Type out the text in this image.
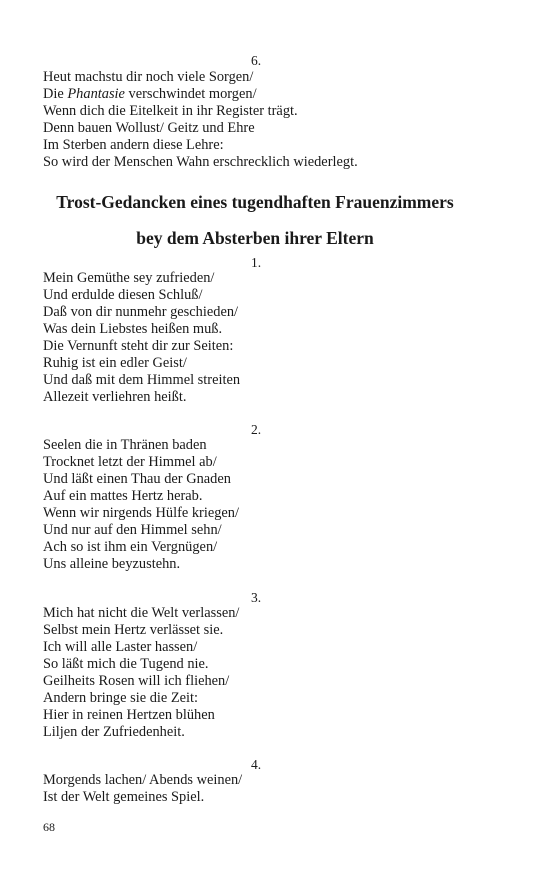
6.
Heut machstu dir noch viele Sorgen/
Die Phantasie verschwindet morgen/
Wenn dich die Eitelkeit in ihr Register trägt.
Denn bauen Wollust/ Geitz und Ehre
Im Sterben andern diese Lehre:
So wird der Menschen Wahn erschrecklich wiederlegt.
Trost-Gedancken eines tugendhaften Frauenzimmers
bey dem Absterben ihrer Eltern
1.
Mein Gemüthe sey zufrieden/
Und erdulde diesen Schluß/
Daß von dir nunmehr geschieden/
Was dein Liebstes heißen muß.
Die Vernunft steht dir zur Seiten:
Ruhig ist ein edler Geist/
Und daß mit dem Himmel streiten
Allezeit verliehren heißt.
2.
Seelen die in Thränen baden
Trocknet letzt der Himmel ab/
Und läßt einen Thau der Gnaden
Auf ein mattes Hertz herab.
Wenn wir nirgends Hülfe kriegen/
Und nur auf den Himmel sehn/
Ach so ist ihm ein Vergnügen/
Uns alleine beyzustehn.
3.
Mich hat nicht die Welt verlassen/
Selbst mein Hertz verlässet sie.
Ich will alle Laster hassen/
So läßt mich die Tugend nie.
Geilheits Rosen will ich fliehen/
Andern bringe sie die Zeit:
Hier in reinen Hertzen blühen
Liljen der Zufriedenheit.
4.
Morgends lachen/ Abends weinen/
Ist der Welt gemeines Spiel.
68
